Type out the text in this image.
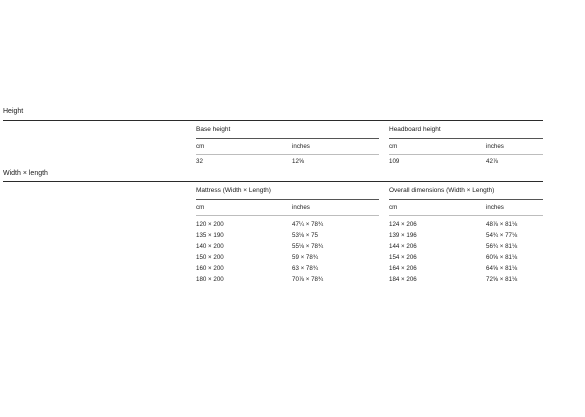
Height
Base height
cm	inches
32	12⅝
Headboard height
cm	inches
109	42⅞
Width × length
Mattress (Width × Length)
cm	inches
120 × 200	47¼ × 78¾
135 × 190	53⅛ × 75
140 × 200	55⅛ × 78¾
150 × 200	59 × 78¾
160 × 200	63 × 78¾
180 × 200	70⅞ × 78¾
Overall dimensions (Width × Length)
cm	inches
124 × 206	48⅞ × 81⅛
139 × 196	54¾ × 77⅛
144 × 206	56¾ × 81⅛
154 × 206	60⅝ × 81⅛
164 × 206	64⅝ × 81⅛
184 × 206	72⅝ × 81⅛
